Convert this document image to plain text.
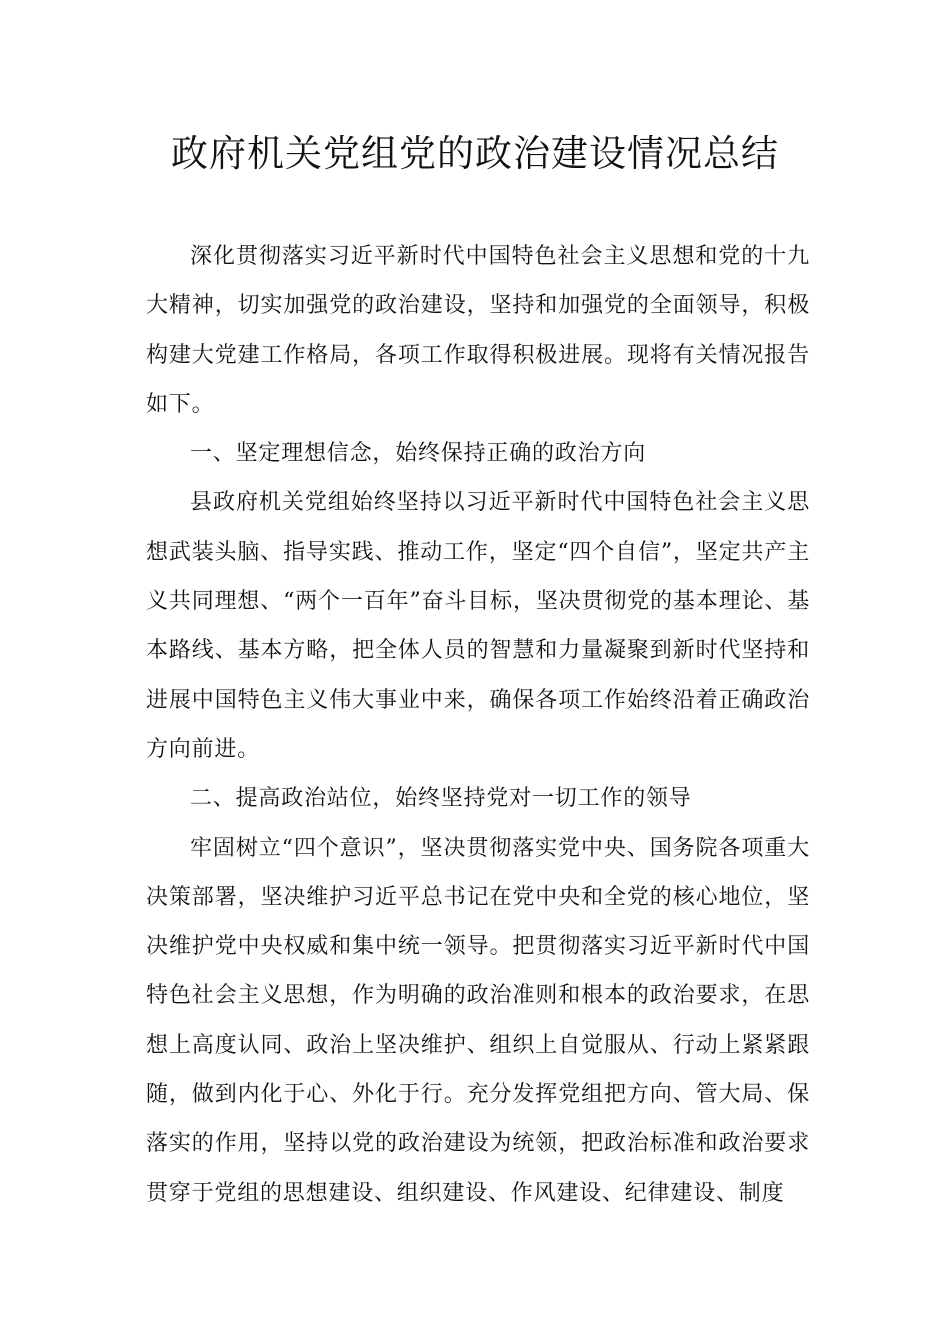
政府机关党组党的政治建设情况总结

深化贯彻落实习近平新时代中国特色社会主义思想和党的十九大精神，切实加强党的政治建设，坚持和加强党的全面领导，积极构建大党建工作格局，各项工作取得积极进展。现将有关情况报告如下。

一、坚定理想信念，始终保持正确的政治方向

县政府机关党组始终坚持以习近平新时代中国特色社会主义思想武装头脑、指导实践、推动工作，坚定“四个自信”，坚定共产主义共同理想、“两个一百年”奋斗目标，坚决贯彻党的基本理论、基本路线、基本方略，把全体人员的智慧和力量凝聚到新时代坚持和进展中国特色主义伟大事业中来，确保各项工作始终沿着正确政治方向前进。

二、提高政治站位，始终坚持党对一切工作的领导

牢固树立“四个意识”，坚决贯彻落实党中央、国务院各项重大决策部署，坚决维护习近平总书记在党中央和全党的核心地位，坚决维护党中央权威和集中统一领导。把贯彻落实习近平新时代中国特色社会主义思想，作为明确的政治准则和根本的政治要求，在思想上高度认同、政治上坚决维护、组织上自觉服从、行动上紧紧跟随，做到内化于心、外化于行。充分发挥党组把方向、管大局、保落实的作用，坚持以党的政治建设为统领，把政治标准和政治要求贯穿于党组的思想建设、组织建设、作风建设、纪律建设、制度
